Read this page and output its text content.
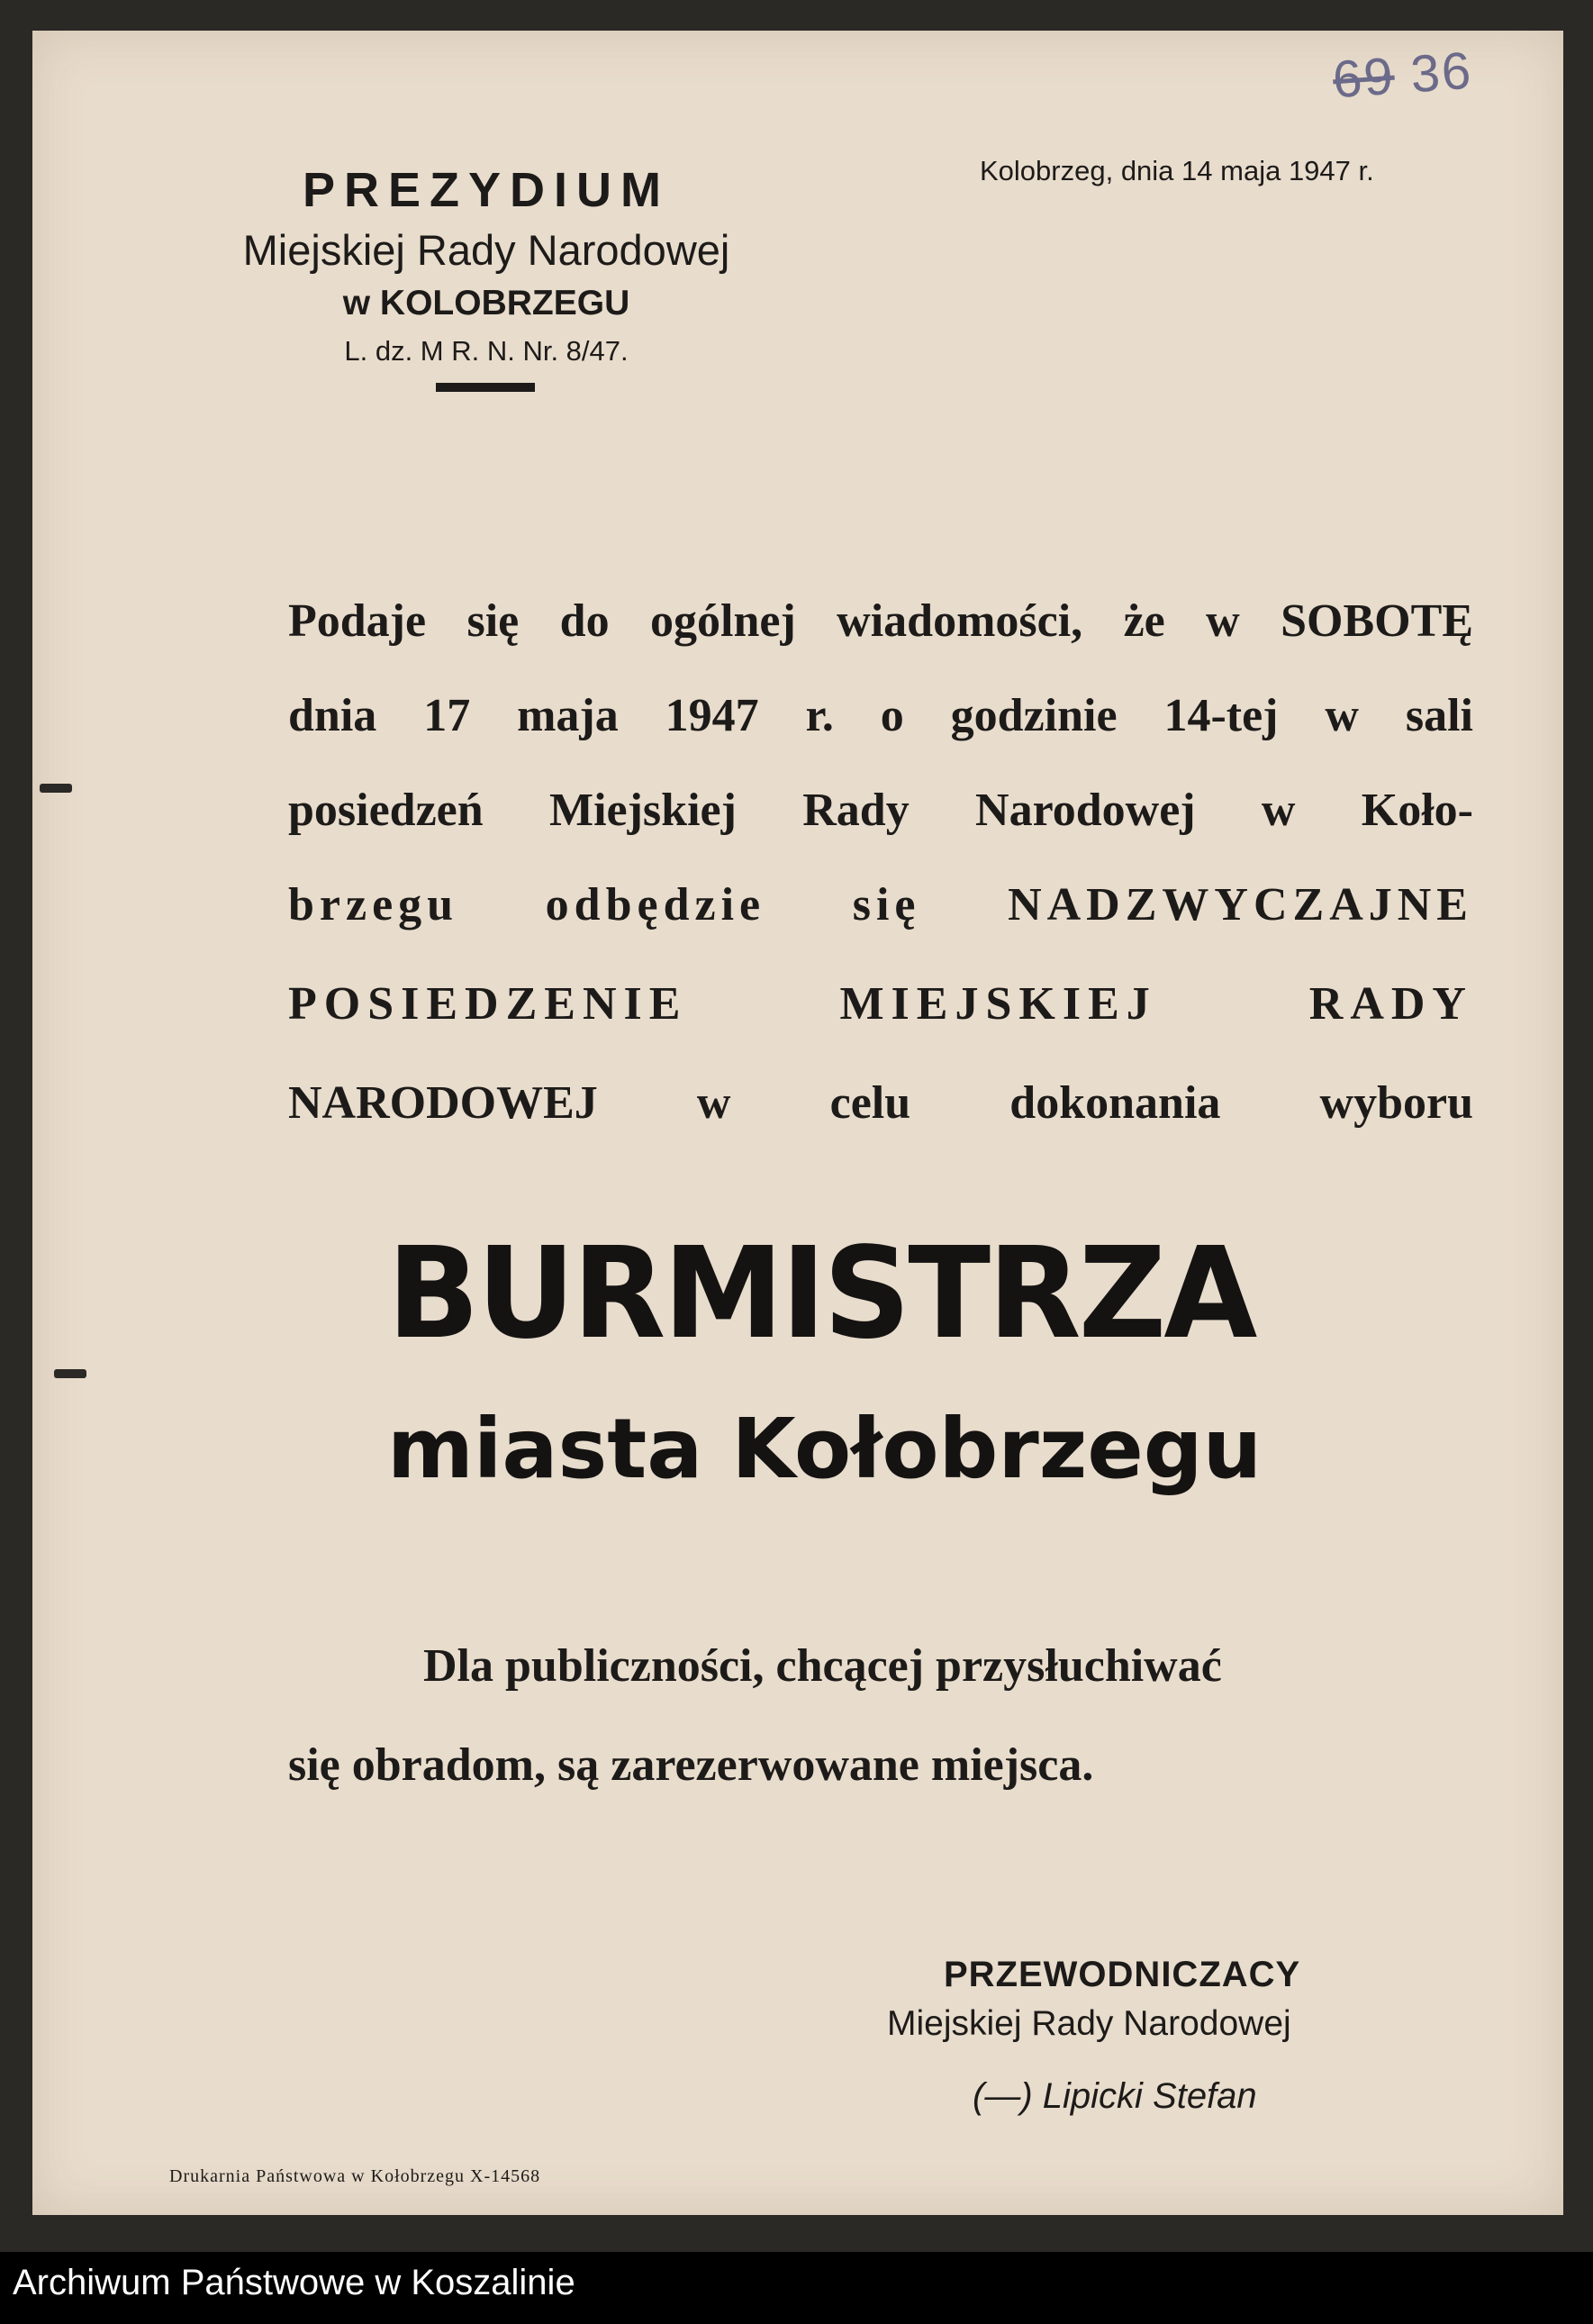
69 36
PREZYDIUM
Miejskiej Rady Narodowej
w KOLOBRZEGU
L. dz. M R. N. Nr. 8/47.
Kolobrzeg, dnia 14 maja 1947 r.
Podaje się do ogólnej wiadomości, że w SOBOTĘ
dnia 17 maja 1947 r. o godzinie 14-tej w sali
posiedzeń Miejskiej Rady Narodowej w Koło-
brzegu odbędzie się NADZWYCZAJNE
POSIEDZENIE MIEJSKIEJ RADY
NARODOWEJ w celu dokonania wyboru
BURMISTRZA
miasta Kołobrzegu
Dla publiczności, chcącej przysłuchiwać
się obradom, są zarezerwowane miejsca.
PRZEWODNICZACY
Miejskiej Rady Narodowej
(—) Lipicki Stefan
Drukarnia Państwowa w Kołobrzegu X-14568
Archiwum Państwowe w Koszalinie
